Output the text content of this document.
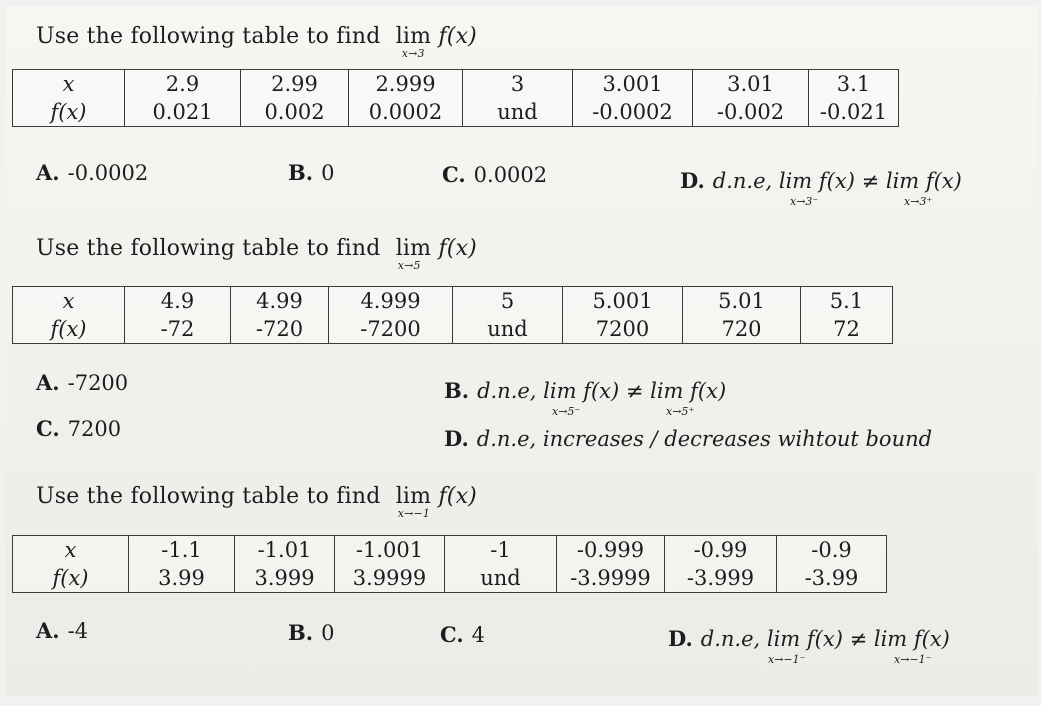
Use the following table to find lim f(x)
x→3
x	2.9	2.99	2.999	3	3.001	3.01	3.1
f(x)	0.021	0.002	0.0002	und	-0.0002	-0.002	-0.021
A. -0.0002	B. 0	C. 0.0002	D. d.n.e, lim f(x) ≠ lim f(x)
x→3⁻	x→3⁺
Use the following table to find lim f(x)
x→5
x	4.9	4.99	4.999	5	5.001	5.01	5.1
f(x)	-72	-720	-7200	und	7200	720	72
A. -7200	B. d.n.e, lim f(x) ≠ lim f(x)
x→5⁻	x→5⁺
C. 7200	D. d.n.e, increases / decreases wihtout bound
Use the following table to find lim f(x)
x→−1
x	-1.1	-1.01	-1.001	-1	-0.999	-0.99	-0.9
f(x)	3.99	3.999	3.9999	und	-3.9999	-3.999	-3.99
A. -4	B. 0	C. 4	D. d.n.e, lim f(x) ≠ lim f(x)
x→−1⁻	x→−1⁻
